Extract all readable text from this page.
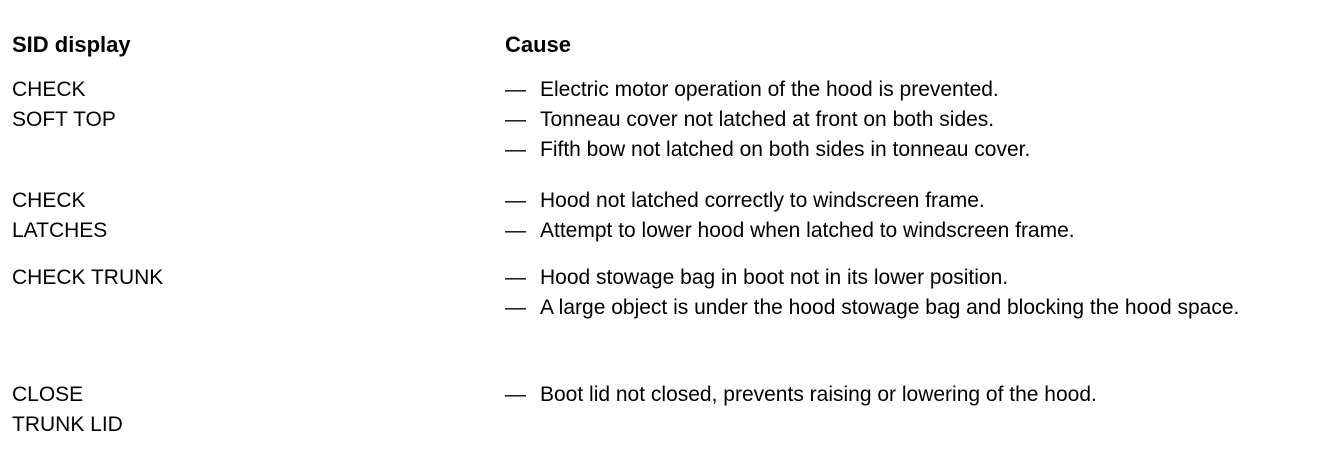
SID display	Cause
CHECK
SOFT TOP
— Electric motor operation of the hood is prevented.
— Tonneau cover not latched at front on both sides.
— Fifth bow not latched on both sides in tonneau cover.
CHECK
LATCHES
— Hood not latched correctly to windscreen frame.
— Attempt to lower hood when latched to windscreen frame.
CHECK TRUNK	— Hood stowage bag in boot not in its lower position.
— A large object is under the hood stowage bag and blocking the hood space.
CLOSE
TRUNK LID
— Boot lid not closed, prevents raising or lowering of the hood.
